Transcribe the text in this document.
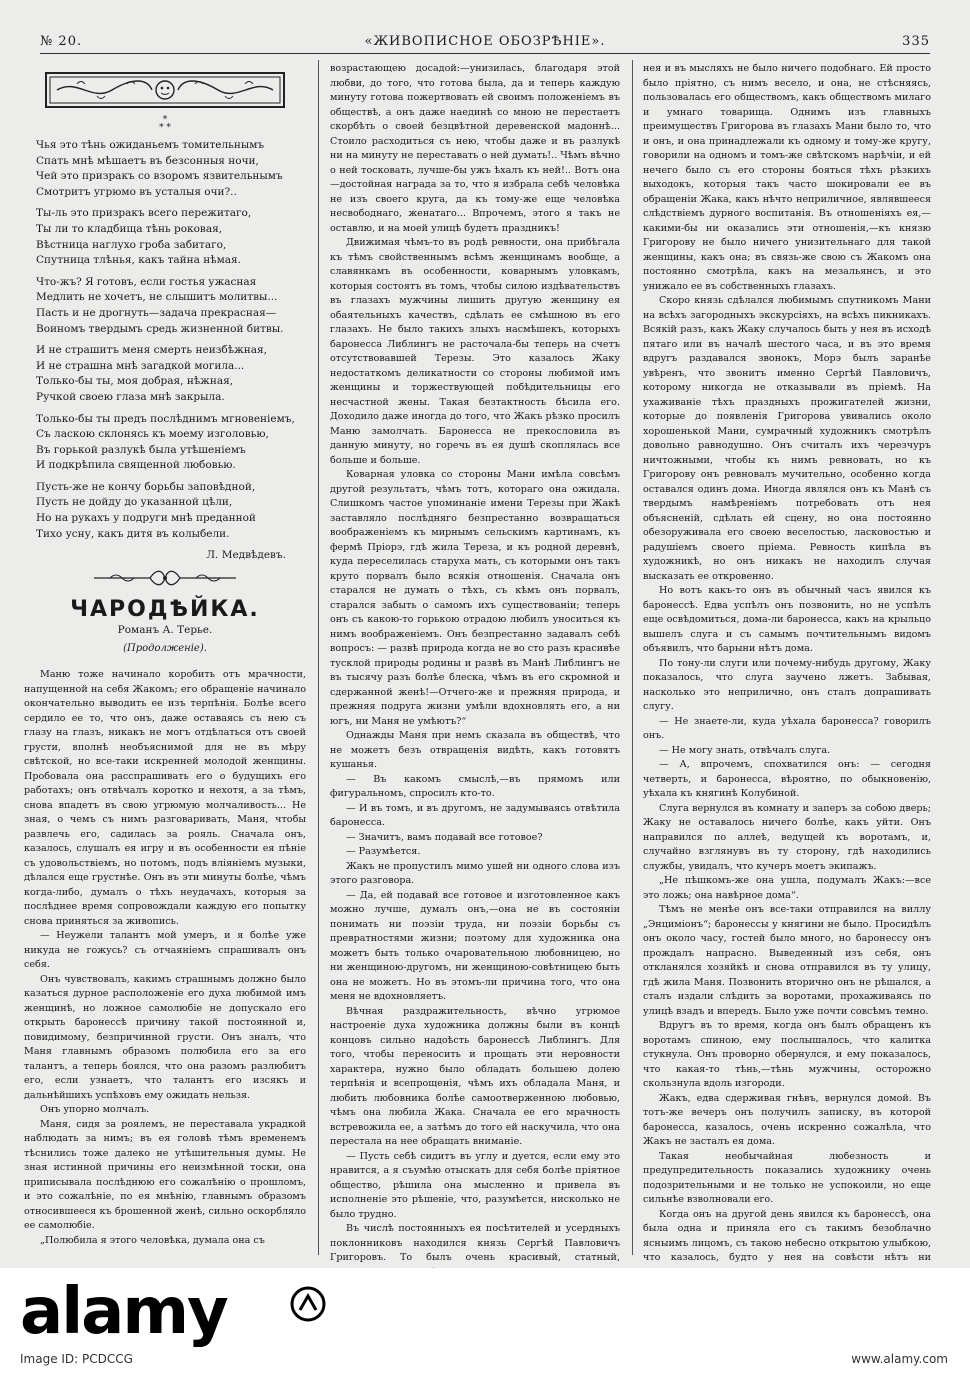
№ 20.	«ЖИВОПИСНОЕ ОБОЗРѢНІЕ».	335
*
* *
Чья это тѣнь ожиданьемъ томительнымъ
Спать мнѣ мѣшаетъ въ безсонныя ночи,
Чей это призракъ со взоромъ язвительнымъ
Смотритъ угрюмо въ усталыя очи?..
Ты-ль это призракъ всего пережитаго,
Ты ли то кладбища тѣнь роковая,
Вѣстница наглухо гроба забитаго,
Спутница тлѣнья, какъ тайна нѣмая.
Что-жъ? Я готовъ, если гостья ужасная
Медлить не хочетъ, не слышитъ молитвы...
Пасть и не дрогнуть—задача прекрасная—
Воиномъ твердымъ средь жизненной битвы.
И не страшитъ меня смерть неизбѣжная,
И не страшна мнѣ загадкой могила...
Только-бы ты, моя добрая, нѣжная,
Ручкой своею глаза мнѣ закрыла.
Только-бы ты предъ послѣднимъ мгновеніемъ,
Съ ласкою склонясь къ моему изголовью,
Въ горькой разлукѣ была утѣшеніемъ
И подкрѣпила священной любовью.
Пусть-же не кончу борьбы заповѣдной,
Пусть не дойду до указанной цѣли,
Но на рукахъ у подруги мнѣ преданной
Тихо усну, какъ дитя въ колыбели.
Л. Медвѣдевъ.
ЧАРОДѢЙКА.
Романъ А. Терье.
(Продолженіе).

Маню тоже начинало коробить отъ мрачности, напущенной на себя Жакомъ; его обращеніе начинало окончательно выводить ее изъ терпѣнія. Болѣе всего сердило ее то, что онъ, даже оставаясь съ нею съ глазу на глазъ, никакъ не могъ отдѣлаться отъ своей грусти, вполнѣ необъяснимой для не въ мѣру свѣтской, но все-таки искренней молодой женщины. Пробовала она расспрашивать его о будущихъ его работахъ; онъ отвѣчалъ коротко и нехотя, а за тѣмъ, снова впадетъ въ свою угрюмую молчаливость... Не зная, о чемъ съ нимъ разговаривать, Маня, чтобы развлечь его, садилась за рояль. Сначала онъ, казалось, слушалъ ея игру и въ особенности ея пѣніе съ удовольствіемъ, но потомъ, подъ вліяніемъ музыки, дѣлался еще грустнѣе. Онъ въ эти минуты болѣе, чѣмъ когда-либо, думалъ о тѣхъ неудачахъ, которыя за послѣднее время сопровождали каждую его попытку снова приняться за живопись.

— Неужели талантъ мой умеръ, и я болѣе уже никуда не гожусь? съ отчаяніемъ спрашивалъ онъ себя.

Онъ чувствовалъ, какимъ страшнымъ должно было казаться дурное расположеніе его духа любимой имъ женщинѣ, но ложное самолюбіе не допускало его открыть баронессѣ причину такой постоянной и, повидимому, безпричинной грусти. Онъ зналъ, что Маня главнымъ образомъ полюбила его за его талантъ, а теперь боялся, что она разомъ разлюбитъ его, если узнаетъ, что талантъ его изсякъ и дальнѣйшихъ успѣховъ ему ожидать нельзя.

Онъ упорно молчалъ.

Маня, сидя за роялемъ, не переставала украдкой наблюдать за нимъ; въ ея головѣ тѣмъ временемъ тѣснились тоже далеко не утѣшительныя думы. Не зная истинной причины его неизмѣнной тоски, она приписывала послѣднюю его сожалѣнію о прошломъ, и это сожалѣніе, по ея мнѣнію, главнымъ образомъ относившееся къ брошенной женѣ, сильно оскорбляло ее самолюбіе.

„Полюбила я этого человѣка, думала она съ

возрастающею досадой:—унизилась, благодаря этой любви, до того, что готова была, да и теперь каждую минуту готова пожертвовать ей своимъ положеніемъ въ обществѣ, а онъ даже наединѣ со мною не перестаетъ скорбѣть о своей безцвѣтной деревенской мадоннѣ... Стоило расходиться съ нею, чтобы даже и въ разлукѣ ни на минуту не переставать о ней думать!.. Чѣмъ вѣчно о ней тосковать, лучше-бы ужъ ѣхалъ къ ней!.. Вотъ она—достойная награда за то, что я избрала себѣ человѣка не изъ своего круга, да къ тому-же еще человѣка несвободнаго, женатаго... Впрочемъ, этого я такъ не оставлю, и на моей улицѣ будетъ праздникъ!

Движимая чѣмъ-то въ родѣ ревности, она прибѣгала къ тѣмъ свойственнымъ всѣмъ женщинамъ вообще, а славянкамъ въ особенности, коварнымъ уловкамъ, которыя состоятъ въ томъ, чтобы силою издѣвательствъ въ глазахъ мужчины лишить другую женщину ея обаятельныхъ качествъ, сдѣлать ее смѣшною въ его глазахъ. Не было такихъ злыхъ насмѣшекъ, которыхъ баронесса Либлингъ не расточала-бы теперь на счетъ отсутствовавшей Терезы. Это казалось Жаку недостаткомъ деликатности со стороны любимой имъ женщины и торжествующей побѣдительницы его несчастной жены. Такая безтактность бѣсила его. Доходило даже иногда до того, что Жакъ рѣзко просилъ Маню замолчать. Баронесса не прекословила въ данную минуту, но горечь въ ея душѣ скоплялась все больше и больше.

Коварная уловка со стороны Мани имѣла совсѣмъ другой результатъ, чѣмъ тотъ, котораго она ожидала. Слишкомъ частое упоминаніе имени Терезы при Жакѣ заставляло послѣдняго безпрестанно возвращаться воображеніемъ къ мирнымъ сельскимъ картинамъ, къ фермѣ Пріорэ, гдѣ жила Тереза, и къ родной деревнѣ, куда переселилась старуха мать, съ которыми онъ такъ круто порвалъ было всякія отношенія. Сначала онъ старался не думать о тѣхъ, съ кѣмъ онъ порвалъ, старался забыть о самомъ ихъ существованіи; теперь онъ съ какою-то горькою отрадою любилъ уноситься къ нимъ воображеніемъ. Онъ безпрестанно задавалъ себѣ вопросъ: — развѣ природа когда не во сто разъ красивѣе тусклой природы родины и развѣ въ Манѣ Либлингъ не въ тысячу разъ болѣе блеска, чѣмъ въ его скромной и сдержанной женѣ!—Отчего-же и прежняя природа, и прежняя подруга жизни умѣли вдохновлять его, а ни югъ, ни Маня не умѣютъ?“

Однажды Маня при немъ сказала въ обществѣ, что не можетъ безъ отвращенія видѣть, какъ готовятъ кушанья.

— Въ какомъ смыслѣ,—въ прямомъ или фигуральномъ, спросилъ кто-то.

— И въ томъ, и въ другомъ, не задумываясь отвѣтила баронесса.

— Значитъ, вамъ подавай все готовое?

— Разумѣется.

Жакъ не пропустилъ мимо ушей ни одного слова изъ этого разговора.

— Да, ей подавай все готовое и изготовленное какъ можно лучше, думалъ онъ,—она не въ состояніи понимать ни поэзіи труда, ни поэзіи борьбы съ превратностями жизни; поэтому для художника она можетъ быть только очаровательною любовницею, но ни женщиною-другомъ, ни женщиною-совѣтницею быть она не можетъ. Но въ этомъ-ли причина того, что она меня не вдохновляетъ.

Вѣчная раздражительность, вѣчно угрюмое настроеніе духа художника должны были въ концѣ концовъ сильно надоѣсть баронессѣ Либлингъ. Для того, чтобы переносить и прощать эти неровности характера, нужно было обладать большею долею терпѣнія и всепрощенія, чѣмъ ихъ обладала Маня, и любить любовника болѣе самоотверженною любовью, чѣмъ она любила Жака. Сначала ее его мрачность встревожила ее, а затѣмъ до того ей наскучила, что она перестала на нее обращать вниманіе.

— Пусть себѣ сидитъ въ углу и дуется, если ему это нравится, а я съумѣю отыскать для себя болѣе пріятное общество, рѣшила она мысленно и привела въ исполненіе это рѣшеніе, что, разумѣется, нисколько не было трудно.

Въ числѣ постоянныхъ ея посѣтителей и усердныхъ поклонниковъ находился князь Сергѣй Павловичъ Григоровъ. То былъ очень красивый, статный,

нея и въ мысляхъ не было ничего подобнаго. Ей просто было пріятно, съ нимъ весело, и она, не стѣсняясь, пользовалась его обществомъ, какъ обществомъ милаго и умнаго товарища. Однимъ изъ главныхъ преимуществъ Григорова въ глазахъ Мани было то, что и онъ, и она принадлежали къ одному и тому-же кругу, говорили на одномъ и томъ-же свѣтскомъ нарѣчіи, и ей нечего было съ его стороны бояться тѣхъ рѣзкихъ выходокъ, которыя такъ часто шокировали ее въ обращеніи Жака, какъ нѣчто неприличное, являвшееся слѣдствіемъ дурного воспитанія. Въ отношеніяхъ ея,—какими-бы ни оказались эти отношенія,—къ князю Григорову не было ничего унизительнаго для такой женщины, какъ она; въ связь-же свою съ Жакомъ она постоянно смотрѣла, какъ на мезальянсъ, и это унижало ее въ собственныхъ глазахъ.

Скоро князь сдѣлался любимымъ спутникомъ Мани на всѣхъ загородныхъ экскурсіяхъ, на всѣхъ пикникахъ. Всякій разъ, какъ Жаку случалось быть у нея въ исходѣ пятаго или въ началѣ шестого часа, и въ это время вдругъ раздавался звонокъ, Морэ былъ заранѣе увѣренъ, что звонитъ именно Сергѣй Павловичъ, которому никогда не отказывали въ пріемѣ. На ухаживаніе тѣхъ праздныхъ прожигателей жизни, которые до появленія Григорова увивались около хорошенькой Мани, сумрачный художникъ смотрѣлъ довольно равнодушно. Онъ считалъ ихъ черезчуръ ничтожными, чтобы къ нимъ ревновать, но къ Григорову онъ ревновалъ мучительно, особенно когда оставался одинъ дома. Иногда являлся онъ къ Манѣ съ твердымъ намѣреніемъ потребовать отъ нея объясненій, сдѣлать ей сцену, но она постоянно обезоруживала его своею веселостью, ласковостью и радушіемъ своего пріема. Ревность кипѣла въ художникѣ, но онъ никакъ не находилъ случая высказать ее откровенно.

Но вотъ какъ-то онъ въ обычный часъ явился къ баронессѣ. Едва успѣлъ онъ позвонить, но не успѣлъ еще освѣдомиться, дома-ли баронесса, какъ на крыльцо вышелъ слуга и съ самымъ почтительнымъ видомъ объявилъ, что барыни нѣтъ дома.

По тону-ли слуги или почему-нибудь другому, Жаку показалось, что слуга заучено лжетъ. Забывая, насколько это неприлично, онъ сталъ допрашивать слугу.

— Не знаете-ли, куда уѣхала баронесса? говорилъ онъ.

— Не могу знать, отвѣчалъ слуга.

— А, впрочемъ, спохватился онъ: — сегодня четверть, и баронесса, вѣроятно, по обыкновенію, уѣхала къ княгинѣ Колубиной.

Слуга вернулся въ комнату и заперъ за собою дверь; Жаку не оставалось ничего болѣе, какъ уйти. Онъ направился по аллеѣ, ведущей къ воротамъ, и, случайно взглянувъ въ ту сторону, гдѣ находились службы, увидалъ, что кучеръ моетъ экипажъ.

„Не пѣшкомъ-же она ушла, подумалъ Жакъ:—все это ложь; она навѣрное дома“.

Тѣмъ не менѣе онъ все-таки отправился на виллу „Энциміонъ“; баронессы у княгини не было. Просидѣлъ онъ около часу, гостей было много, но баронессу онъ прождалъ напрасно. Выведенный изъ себя, онъ откланялся хозяйкѣ и снова отправился въ ту улицу, гдѣ жила Маня. Позвонить вторично онъ не рѣшался, а сталъ издали слѣдить за воротами, прохаживаясь по улицѣ взадъ и впередъ. Было уже почти совсѣмъ темно.

Вдругъ въ то время, когда онъ былъ обращенъ къ воротамъ спиною, ему послышалось, что калитка стукнула. Онъ проворно обернулся, и ему показалось, что какая-то тѣнь,—тѣнь мужчины, осторожно скользнула вдоль изгороди.

Жакъ, едва сдерживая гнѣвъ, вернулся домой. Въ тотъ-же вечеръ онъ получилъ записку, въ которой баронесса, казалось, очень искренно сожалѣла, что Жакъ не засталъ ея дома.

Такая необычайная любезность и предупредительность показались художнику очень подозрительными и не только не успокоили, но еще сильнѣе взволновали его.

Когда онъ на другой день явился къ баронессѣ, она была одна и приняла его съ такимъ безоблачно ясныимъ лицомъ, съ такою небесно открытою улыбкою, что казалось, будто у нея на совѣсти нѣтъ ни

alamy
Image ID: PCDCCG	www.alamy.com
